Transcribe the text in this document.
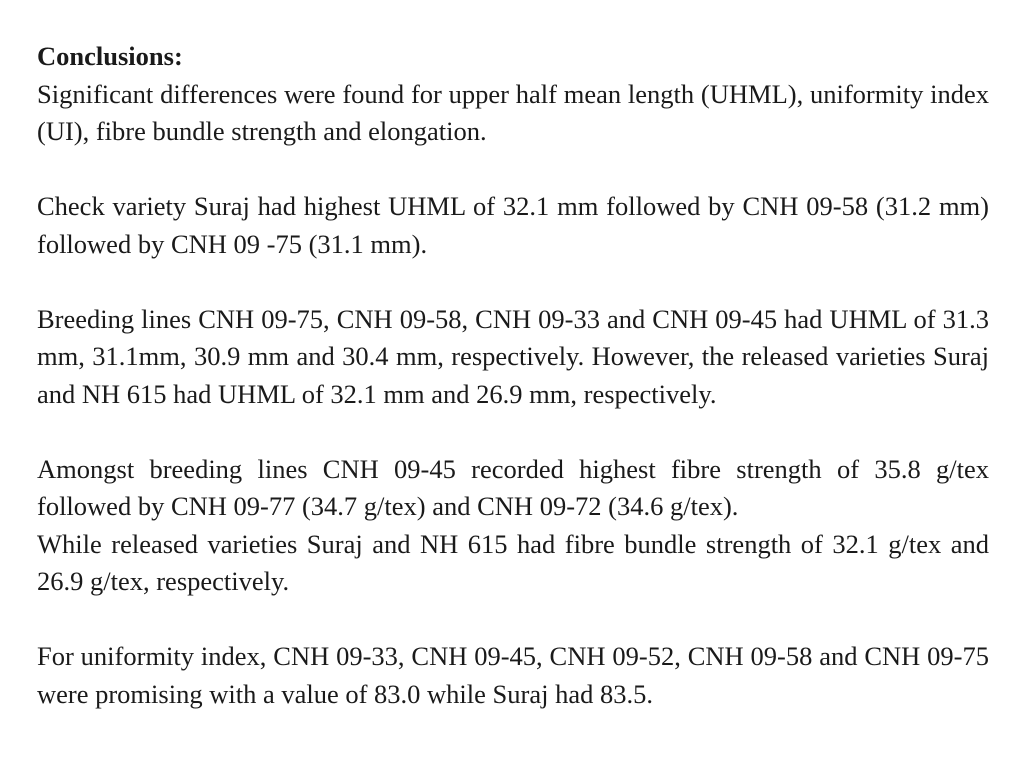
Conclusions:

Significant differences were found for upper half mean length (UHML), uniformity index (UI), fibre bundle strength and elongation.

Check variety Suraj had highest UHML of 32.1 mm followed by CNH 09-58 (31.2 mm) followed by CNH 09 -75 (31.1 mm).

Breeding lines CNH 09-75, CNH 09-58, CNH 09-33 and CNH 09-45 had UHML of 31.3 mm, 31.1mm, 30.9 mm and 30.4 mm, respectively. However, the released varieties Suraj and NH 615 had UHML of 32.1 mm and 26.9 mm, respectively.

Amongst breeding lines CNH 09-45 recorded highest fibre strength of 35.8 g/tex followed by CNH 09-77 (34.7 g/tex) and CNH 09-72 (34.6 g/tex).

While released varieties Suraj and NH 615 had fibre bundle strength of 32.1 g/tex and 26.9 g/tex, respectively.

For uniformity index, CNH 09-33, CNH 09-45, CNH 09-52, CNH 09-58 and CNH 09-75 were promising with a value of 83.0 while Suraj had 83.5.
